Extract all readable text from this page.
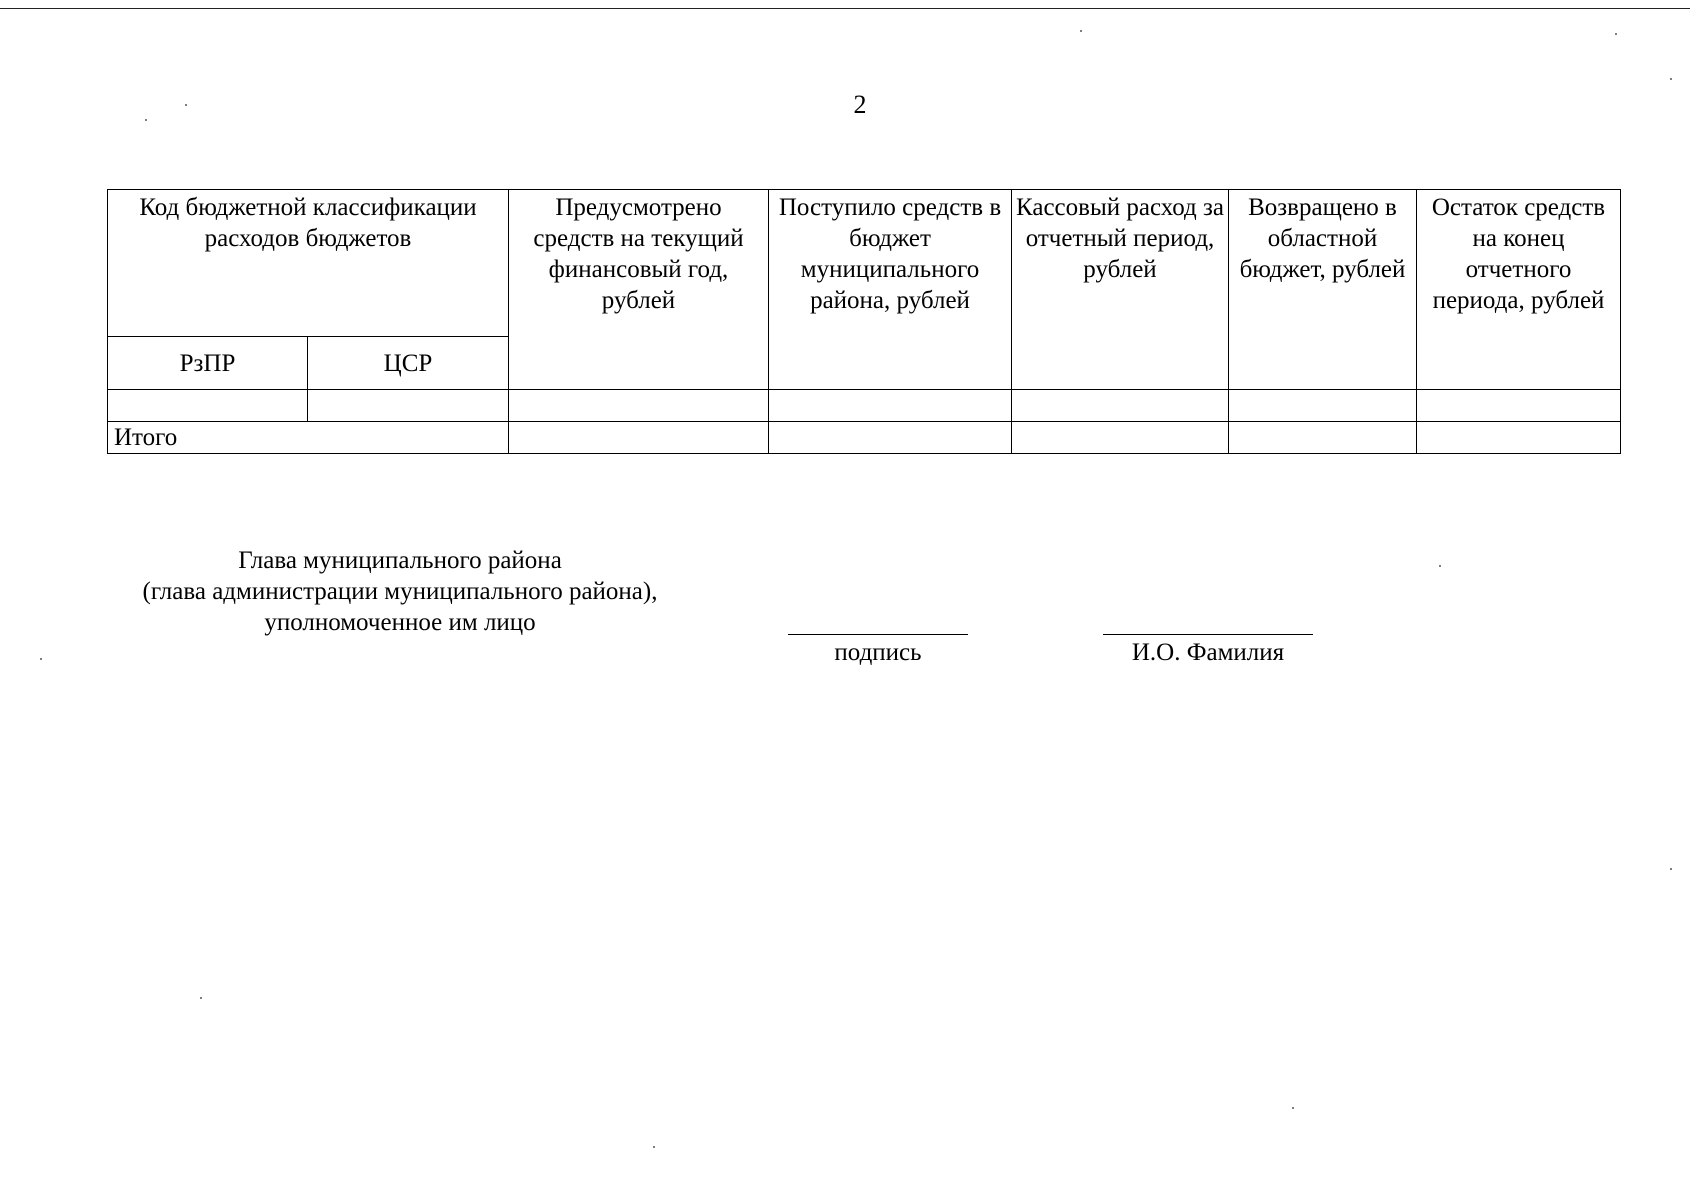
2
Код бюджетной классификации расходов бюджетов		Предусмотрено средств на текущий финансовый год, рублей	Поступило средств в бюджет муниципального района, рублей	Кассовый расход за отчетный период, рублей	Возвращено в областной бюджет, рублей	Остаток средств на конец отчетного периода, рублей
РзПР	ЦСР					

Итого						
Глава муниципального района
(глава администрации муниципального района),
уполномоченное им лицо
подпись	И.О. Фамилия
